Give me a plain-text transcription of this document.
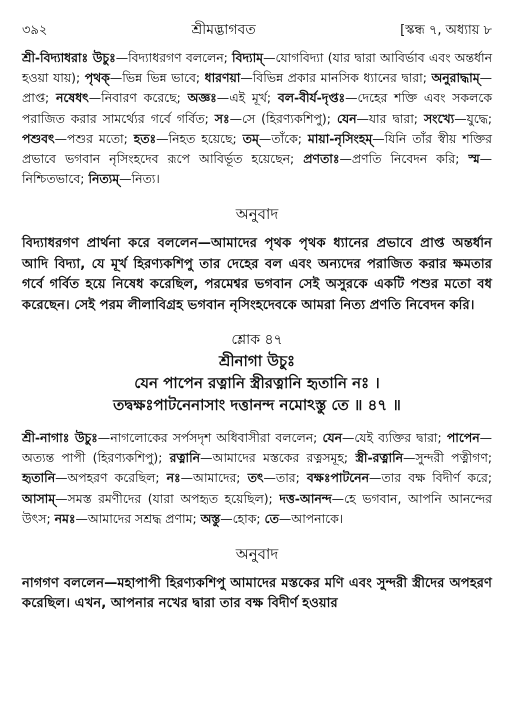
৩৯২	শ্রীমদ্ভাগবত	[স্কন্ধ ৭, অধ্যায় ৮

শ্রী-বিদ্যাধরাঃ উচুঃ—বিদ্যাধরগণ বললেন; বিদ্যাম্—যোগবিদ্যা (যার দ্বারা আবির্ভাব এবং অন্তর্ধান হওয়া যায়); পৃথক্—ভিন্ন ভিন্ন ভাবে; ধারণয়া—বিভিন্ন প্রকার মানসিক ধ্যানের দ্বারা; অনুরাদ্ধাম্—প্রাপ্ত; নষেধৎ—নিবারণ করেছে; অজ্ঞঃ—এই মূর্খ; বল-বীর্য-দৃপ্তঃ—দেহের শক্তি এবং সকলকে পরাজিত করার সামর্থ্যের গর্বে গর্বিত; সঃ—সে (হিরণ্যকশিপু); যেন—যার দ্বারা; সংখ্যে—যুদ্ধে; পশুবৎ—পশুর মতো; হতঃ—নিহত হয়েছে; তম্—তাঁকে; মায়া-নৃসিংহম্—যিনি তাঁর স্বীয় শক্তির প্রভাবে ভগবান নৃসিংহদেব রূপে আবির্ভূত হয়েছেন; প্রণতাঃ—প্রণতি নিবেদন করি; স্ম—নিশ্চিতভাবে; নিত্যম্—নিত্য।

অনুবাদ

বিদ্যাধরগণ প্রার্থনা করে বললেন—আমাদের পৃথক পৃথক ধ্যানের প্রভাবে প্রাপ্ত অন্তর্ধান আদি বিদ্যা, যে মূর্খ হিরণ্যকশিপু তার দেহের বল এবং অন্যদের পরাজিত করার ক্ষমতার গর্বে গর্বিত হয়ে নিষেধ করেছিল, পরমেশ্বর ভগবান সেই অসুরকে একটি পশুর মতো বধ করেছেন। সেই পরম লীলাবিগ্রহ ভগবান নৃসিংহদেবকে আমরা নিত্য প্রণতি নিবেদন করি।

শ্লোক ৪৭
শ্রীনাগা উচুঃ
যেন পাপেন রত্নানি স্ত্রীরত্নানি হৃতানি নঃ ।
তদ্বক্ষঃপাটনেনাসাং দত্তানন্দ নমোঽস্তু তে ॥ ৪৭ ॥

শ্রী-নাগাঃ উচুঃ—নাগলোকের সর্পসদৃশ অধিবাসীরা বললেন; যেন—যেই ব্যক্তির দ্বারা; পাপেন—অত্যন্ত পাপী (হিরণ্যকশিপু); রত্নানি—আমাদের মস্তকের রত্নসমূহ; স্ত্রী-রত্নানি—সুন্দরী পত্নীগণ; হৃতানি—অপহরণ করেছিল; নঃ—আমাদের; তৎ—তার; বক্ষঃপাটনেন—তার বক্ষ বিদীর্ণ করে; আসাম্—সমস্ত রমণীদের (যারা অপহৃত হয়েছিল); দত্ত-আনন্দ—হে ভগবান, আপনি আনন্দের উৎস; নমঃ—আমাদের সশ্রদ্ধ প্রণাম; অস্তু—হোক; তে—আপনাকে।

অনুবাদ

নাগগণ বললেন—মহাপাপী হিরণ্যকশিপু আমাদের মস্তকের মণি এবং সুন্দরী স্ত্রীদের অপহরণ করেছিল। এখন, আপনার নখের দ্বারা তার বক্ষ বিদীর্ণ হওয়ার
